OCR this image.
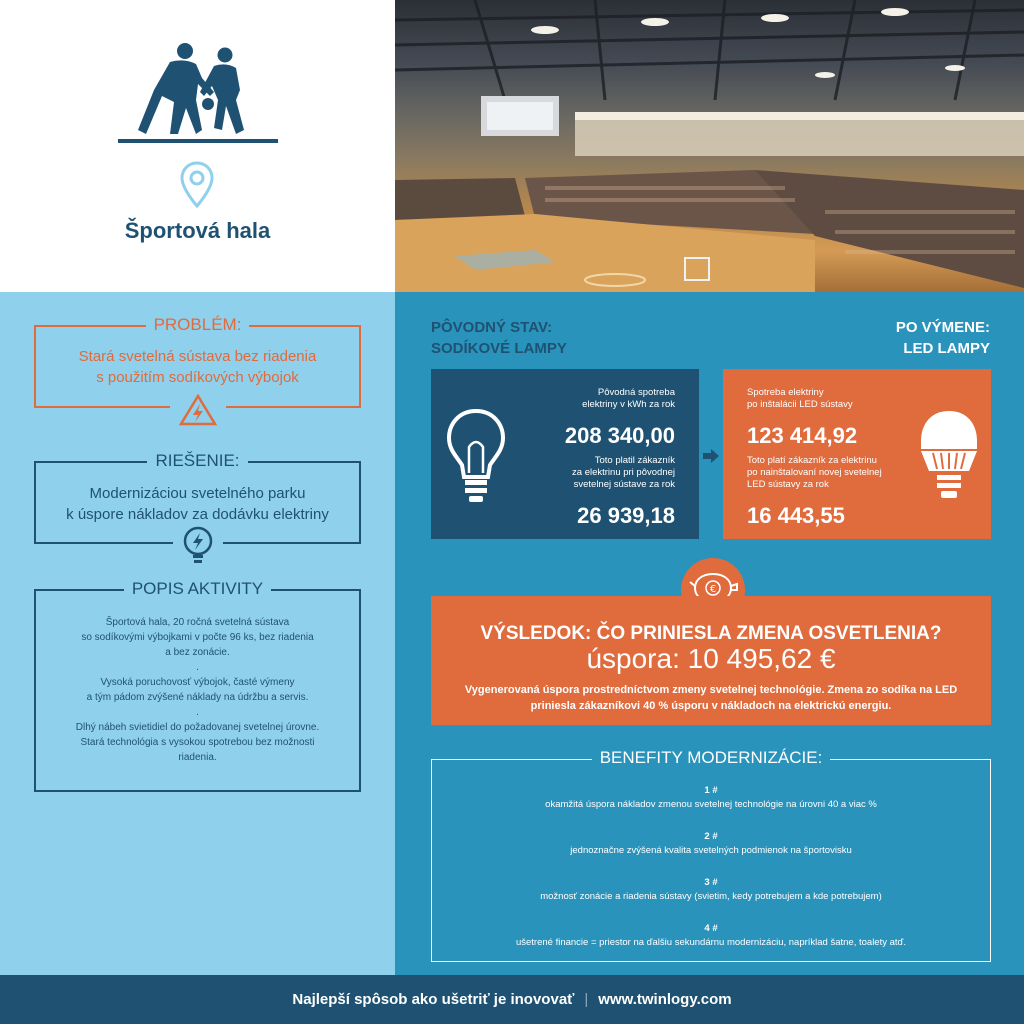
Športová hala
PROBLÉM:
Stará svetelná sústava bez riadenia
s použitím sodíkových výbojok
RIEŠENIE:
Modernizáciou svetelného parku
k úspore nákladov za dodávku elektriny
POPIS AKTIVITY
Športová hala, 20 ročná svetelná sústava
so sodíkovými výbojkami v počte 96 ks, bez riadenia
a bez zonácie.
.
Vysoká poruchovosť výbojok, časté výmeny
a tým pádom zvýšené náklady na údržbu a servis.
.
Dlhý nábeh svietidiel do požadovanej svetelnej úrovne.
Stará technológia s vysokou spotrebou bez možnosti
riadenia.
PÔVODNÝ STAV:
SODÍKOVÉ LAMPY
PO VÝMENE:
LED LAMPY
Pôvodná spotreba
elektriny v kWh za rok
208 340,00
Toto platil zákazník
za elektrinu pri pôvodnej
svetelnej sústave za rok
26 939,18
Spotreba elektriny
po inštalácii LED sústavy
123 414,92
Toto platí zákazník za elektrinu
po nainštalovaní novej svetelnej
LED sústavy za rok
16 443,55
€
VÝSLEDOK: ČO PRINIESLA ZMENA OSVETLENIA?
úspora: 10 495,62 €
Vygenerovaná úspora prostredníctvom zmeny svetelnej technológie. Zmena zo sodíka na LED priniesla zákazníkovi 40 % úsporu v nákladoch na elektrickú energiu.
BENEFITY MODERNIZÁCIE:
1 #
okamžitá úspora nákladov zmenou svetelnej technológie na úrovni 40 a viac %
2 #
jednoznačne zvýšená kvalita svetelných podmienok na športovisku
3 #
možnosť zonácie a riadenia sústavy (svietim, kedy potrebujem a kde potrebujem)
4 #
ušetrené financie = priestor na ďalšiu sekundárnu modernizáciu, napríklad šatne, toalety atď.
Najlepší spôsob ako ušetriť je inovovať | www.twinlogy.com
